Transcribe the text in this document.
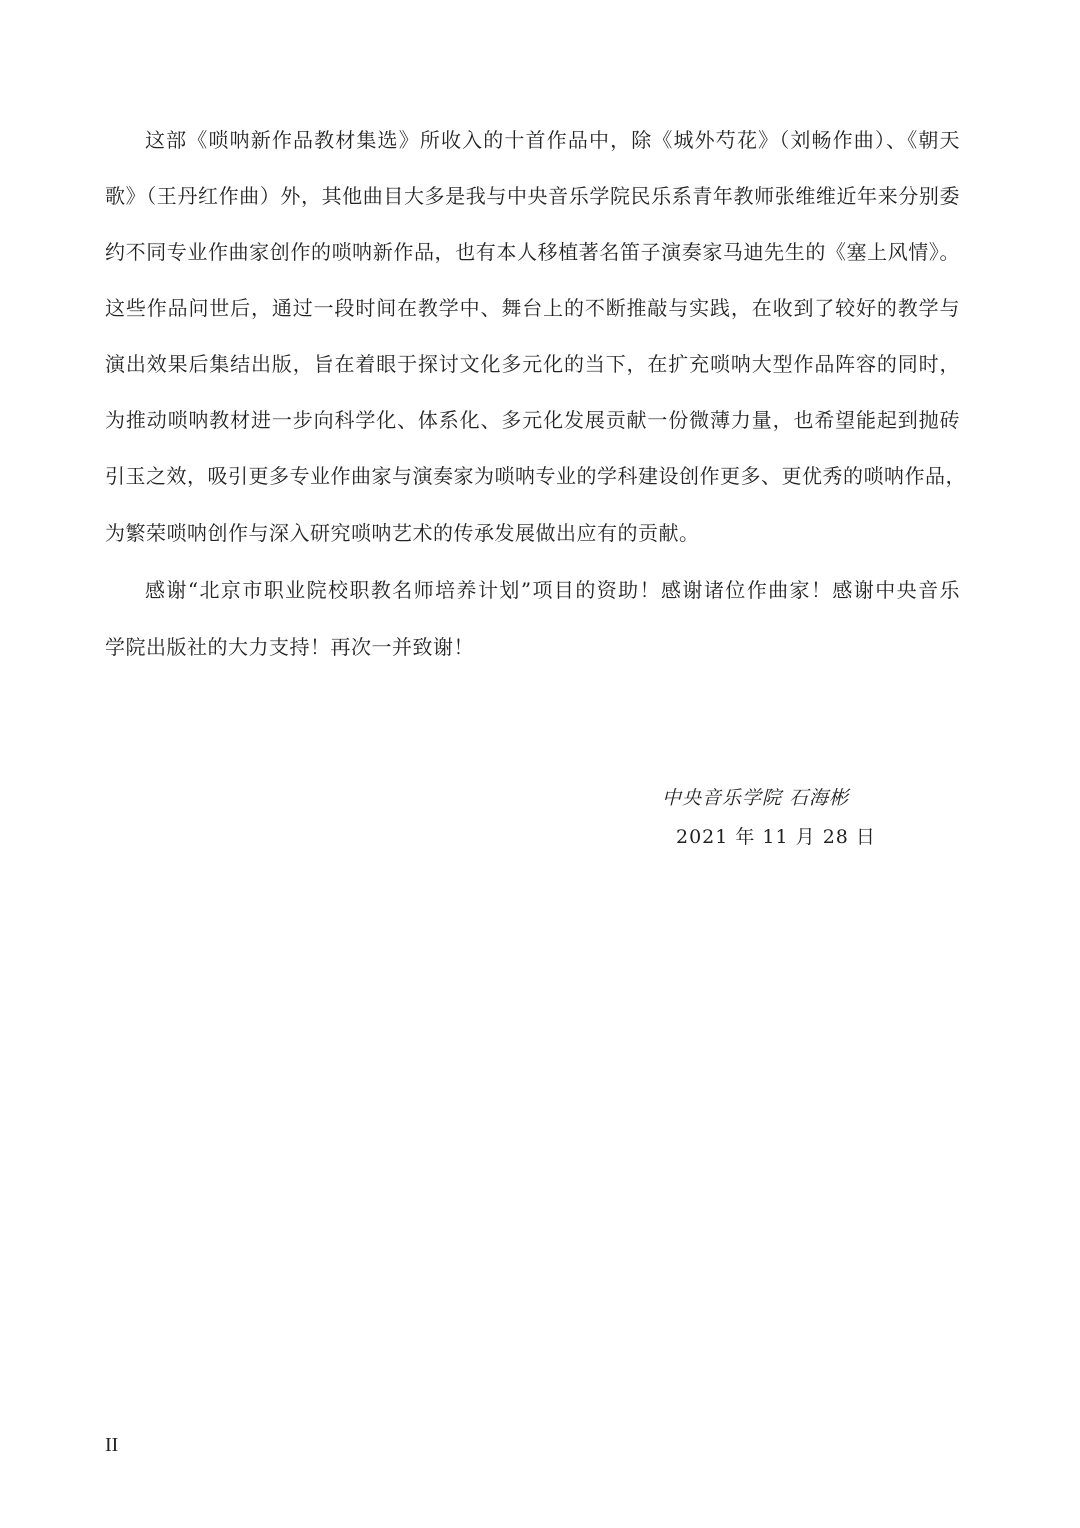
这部《唢呐新作品教材集选》所收入的十首作品中，除《城外芍花》（刘畅作曲）、《朝天
歌》（王丹红作曲）外，其他曲目大多是我与中央音乐学院民乐系青年教师张维维近年来分别委
约不同专业作曲家创作的唢呐新作品，也有本人移植著名笛子演奏家马迪先生的《塞上风情》。
这些作品问世后，通过一段时间在教学中、舞台上的不断推敲与实践，在收到了较好的教学与
演出效果后集结出版，旨在着眼于探讨文化多元化的当下，在扩充唢呐大型作品阵容的同时，
为推动唢呐教材进一步向科学化、体系化、多元化发展贡献一份微薄力量，也希望能起到抛砖
引玉之效，吸引更多专业作曲家与演奏家为唢呐专业的学科建设创作更多、更优秀的唢呐作品，
为繁荣唢呐创作与深入研究唢呐艺术的传承发展做出应有的贡献。
感谢“北京市职业院校职教名师培养计划”项目的资助！感谢诸位作曲家！感谢中央音乐
学院出版社的大力支持！再次一并致谢！
中央音乐学院 石海彬
2021 年 11 月 28 日
II
